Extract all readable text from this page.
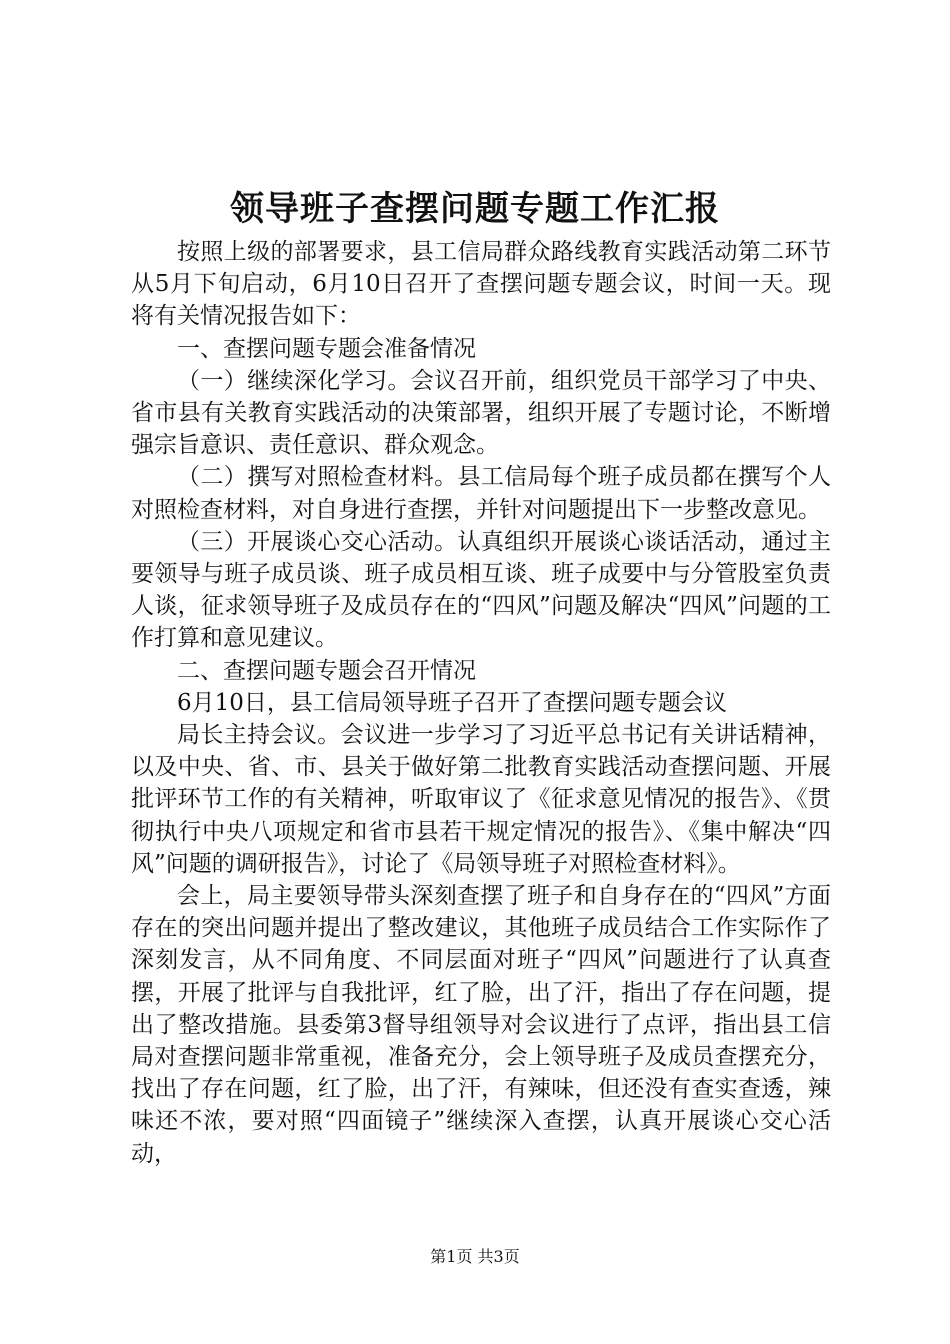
领导班子查摆问题专题工作汇报

按照上级的部署要求，县工信局群众路线教育实践活动第二环节从5月下旬启动，6月10日召开了查摆问题专题会议，时间一天。现将有关情况报告如下：

一、查摆问题专题会准备情况

（一）继续深化学习。会议召开前，组织党员干部学习了中央、省市县有关教育实践活动的决策部署，组织开展了专题讨论，不断增强宗旨意识、责任意识、群众观念。

（二）撰写对照检查材料。县工信局每个班子成员都在撰写个人对照检查材料，对自身进行查摆，并针对问题提出下一步整改意见。

（三）开展谈心交心活动。认真组织开展谈心谈话活动，通过主要领导与班子成员谈、班子成员相互谈、班子成要中与分管股室负责人谈，征求领导班子及成员存在的“四风”问题及解决“四风”问题的工作打算和意见建议。

二、查摆问题专题会召开情况

6月10日，县工信局领导班子召开了查摆问题专题会议

局长主持会议。会议进一步学习了习近平总书记有关讲话精神，以及中央、省、市、县关于做好第二批教育实践活动查摆问题、开展批评环节工作的有关精神，听取审议了《征求意见情况的报告》、《贯彻执行中央八项规定和省市县若干规定情况的报告》、《集中解决“四风”问题的调研报告》，讨论了《局领导班子对照检查材料》。

会上，局主要领导带头深刻查摆了班子和自身存在的“四风”方面存在的突出问题并提出了整改建议，其他班子成员结合工作实际作了深刻发言，从不同角度、不同层面对班子“四风”问题进行了认真查摆，开展了批评与自我批评，红了脸，出了汗，指出了存在问题，提出了整改措施。县委第3督导组领导对会议进行了点评，指出县工信局对查摆问题非常重视，准备充分，会上领导班子及成员查摆充分，找出了存在问题，红了脸，出了汗，有辣味，但还没有查实查透，辣味还不浓，要对照“四面镜子”继续深入查摆，认真开展谈心交心活动，

第1页 共3页
